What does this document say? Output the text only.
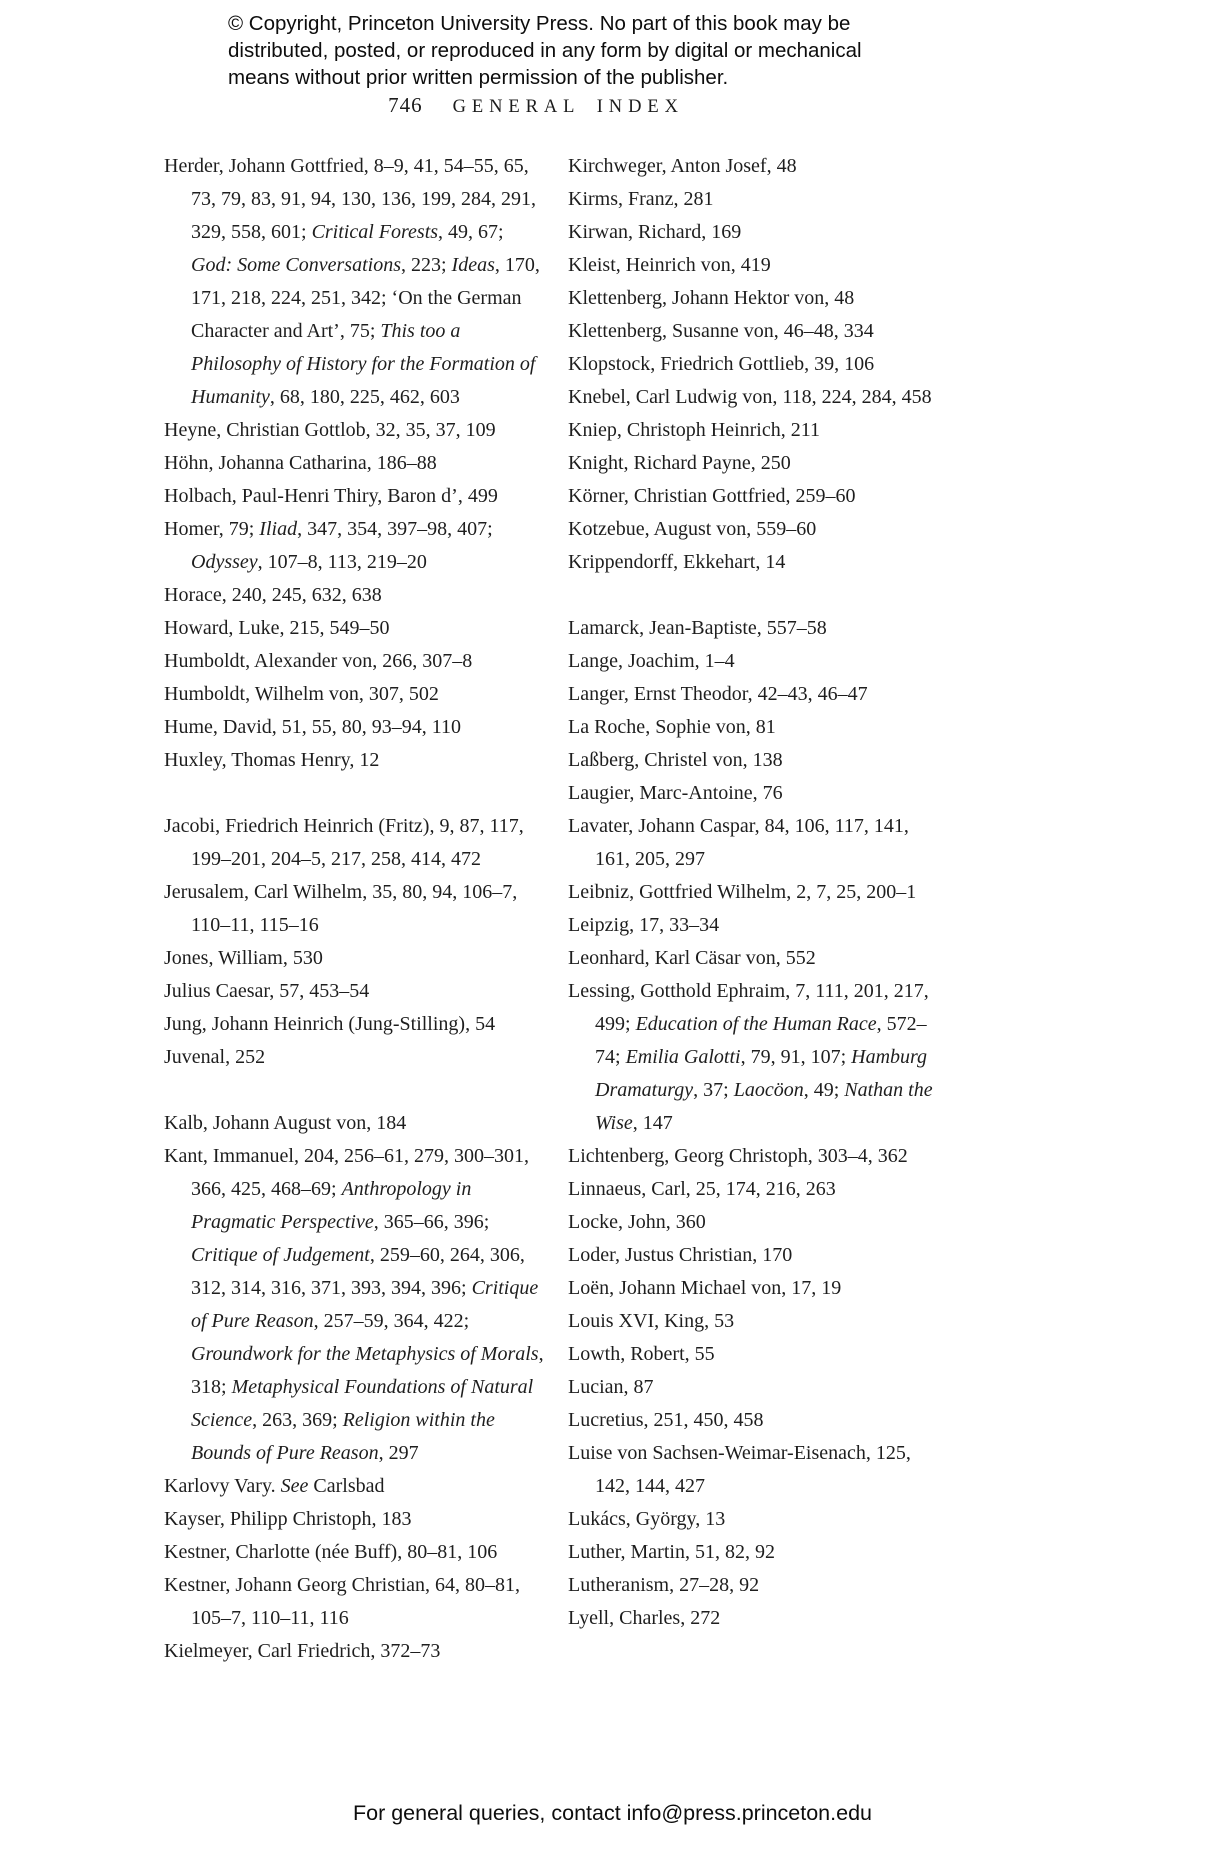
© Copyright, Princeton University Press. No part of this book may be
distributed, posted, or reproduced in any form by digital or mechanical
means without prior written permission of the publisher.
746 GENERAL INDEX

Herder, Johann Gottfried, 8–9, 41, 54–55, 65, 73, 79, 83, 91, 94, 130, 136, 199, 284, 291, 329, 558, 601; Critical Forests, 49, 67; God: Some Conversations, 223; Ideas, 170, 171, 218, 224, 251, 342; ‘On the German Character and Art’, 75; This too a Philosophy of History for the Formation of Humanity, 68, 180, 225, 462, 603

Heyne, Christian Gottlob, 32, 35, 37, 109

Höhn, Johanna Catharina, 186–88

Holbach, Paul-Henri Thiry, Baron d’, 499

Homer, 79; Iliad, 347, 354, 397–98, 407; Odyssey, 107–8, 113, 219–20

Horace, 240, 245, 632, 638

Howard, Luke, 215, 549–50

Humboldt, Alexander von, 266, 307–8

Humboldt, Wilhelm von, 307, 502

Hume, David, 51, 55, 80, 93–94, 110

Huxley, Thomas Henry, 12

Jacobi, Friedrich Heinrich (Fritz), 9, 87, 117, 199–201, 204–5, 217, 258, 414, 472

Jerusalem, Carl Wilhelm, 35, 80, 94, 106–7, 110–11, 115–16

Jones, William, 530

Julius Caesar, 57, 453–54

Jung, Johann Heinrich (Jung-Stilling), 54

Juvenal, 252

Kalb, Johann August von, 184

Kant, Immanuel, 204, 256–61, 279, 300–301, 366, 425, 468–69; Anthropology in Pragmatic Perspective, 365–66, 396; Critique of Judgement, 259–60, 264, 306, 312, 314, 316, 371, 393, 394, 396; Critique of Pure Reason, 257–59, 364, 422; Groundwork for the Metaphysics of Morals, 318; Metaphysical Foundations of Natural Science, 263, 369; Religion within the Bounds of Pure Reason, 297

Karlovy Vary. See Carlsbad

Kayser, Philipp Christoph, 183

Kestner, Charlotte (née Buff), 80–81, 106

Kestner, Johann Georg Christian, 64, 80–81, 105–7, 110–11, 116

Kielmeyer, Carl Friedrich, 372–73

Kirchweger, Anton Josef, 48

Kirms, Franz, 281

Kirwan, Richard, 169

Kleist, Heinrich von, 419

Klettenberg, Johann Hektor von, 48

Klettenberg, Susanne von, 46–48, 334

Klopstock, Friedrich Gottlieb, 39, 106

Knebel, Carl Ludwig von, 118, 224, 284, 458

Kniep, Christoph Heinrich, 211

Knight, Richard Payne, 250

Körner, Christian Gottfried, 259–60

Kotzebue, August von, 559–60

Krippendorff, Ekkehart, 14

Lamarck, Jean-Baptiste, 557–58

Lange, Joachim, 1–4

Langer, Ernst Theodor, 42–43, 46–47

La Roche, Sophie von, 81

Laßberg, Christel von, 138

Laugier, Marc-Antoine, 76

Lavater, Johann Caspar, 84, 106, 117, 141, 161, 205, 297

Leibniz, Gottfried Wilhelm, 2, 7, 25, 200–1

Leipzig, 17, 33–34

Leonhard, Karl Cäsar von, 552

Lessing, Gotthold Ephraim, 7, 111, 201, 217, 499; Education of the Human Race, 572–74; Emilia Galotti, 79, 91, 107; Hamburg Dramaturgy, 37; Laocöon, 49; Nathan the Wise, 147

Lichtenberg, Georg Christoph, 303–4, 362

Linnaeus, Carl, 25, 174, 216, 263

Locke, John, 360

Loder, Justus Christian, 170

Loën, Johann Michael von, 17, 19

Louis XVI, King, 53

Lowth, Robert, 55

Lucian, 87

Lucretius, 251, 450, 458

Luise von Sachsen-Weimar-Eisenach, 125, 142, 144, 427

Lukács, György, 13

Luther, Martin, 51, 82, 92

Lutheranism, 27–28, 92

Lyell, Charles, 272

For general queries, contact info@press.princeton.edu
